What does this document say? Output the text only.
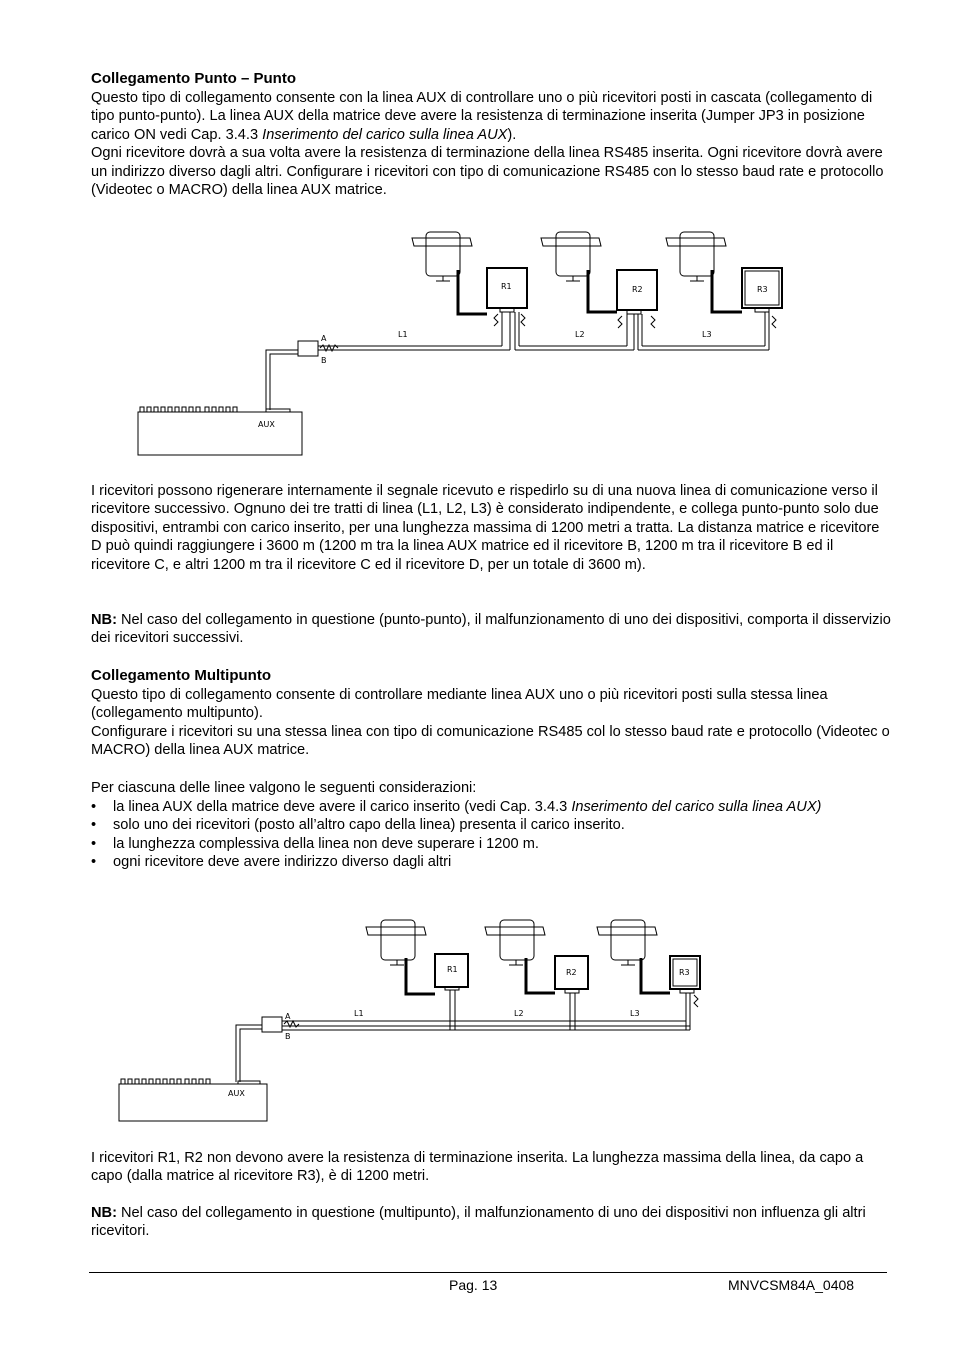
Collegamento Punto – Punto

Questo tipo di collegamento consente con la linea AUX di controllare uno o più ricevitori posti in cascata (collegamento di tipo punto-punto). La linea AUX della matrice deve avere la resistenza di terminazione inserita (Jumper JP3 in posizione carico ON vedi Cap. 3.4.3 Inserimento del carico sulla linea AUX).

Ogni ricevitore dovrà a sua volta avere la resistenza di terminazione della linea RS485 inserita. Ogni ricevitore dovrà avere un indirizzo diverso dagli altri. Configurare i ricevitori con tipo di comunicazione RS485 con lo stesso baud rate e protocollo (Videotec o MACRO) della linea AUX matrice.

AUX
A
B
R1	R2	R3
L1	L2	L3

I ricevitori possono rigenerare internamente il segnale ricevuto e rispedirlo su di una nuova linea di comunicazione verso il ricevitore successivo. Ognuno dei tre tratti di linea (L1, L2, L3) è considerato indipendente, e collega punto-punto solo due dispositivi, entrambi con carico inserito, per una lunghezza massima di 1200 metri a tratta. La distanza matrice e ricevitore D può quindi raggiungere i 3600 m (1200 m tra la linea AUX matrice ed il ricevitore B, 1200 m tra il ricevitore B ed il ricevitore C, e altri 1200 m tra il ricevitore C ed il ricevitore D, per un totale di 3600 m).

NB: Nel caso del collegamento in questione (punto-punto), il malfunzionamento di uno dei dispositivi, comporta il disservizio dei ricevitori successivi.

Collegamento Multipunto

Questo tipo di collegamento consente di controllare mediante linea AUX uno o più ricevitori posti sulla stessa linea (collegamento multipunto).

Configurare i ricevitori su una stessa linea con tipo di comunicazione RS485 col lo stesso baud rate e protocollo (Videotec o MACRO) della linea AUX matrice.

Per ciascuna delle linee valgono le seguenti considerazioni:

• la linea AUX della matrice deve avere il carico inserito (vedi Cap. 3.4.3 Inserimento del carico sulla linea AUX)
• solo uno dei ricevitori (posto all’altro capo della linea) presenta il carico inserito.
• la lunghezza complessiva della linea non deve superare i 1200 m.
• ogni ricevitore deve avere indirizzo diverso dagli altri
AUX
A
B
R1	R2	R3
L1	L2	L3

I ricevitori R1, R2 non devono avere la resistenza di terminazione inserita. La lunghezza massima della linea, da capo a capo (dalla matrice al ricevitore R3), è di 1200 metri.

NB: Nel caso del collegamento in questione (multipunto), il malfunzionamento di uno dei dispositivi non influenza gli altri ricevitori.

Pag. 13	MNVCSM84A_0408
